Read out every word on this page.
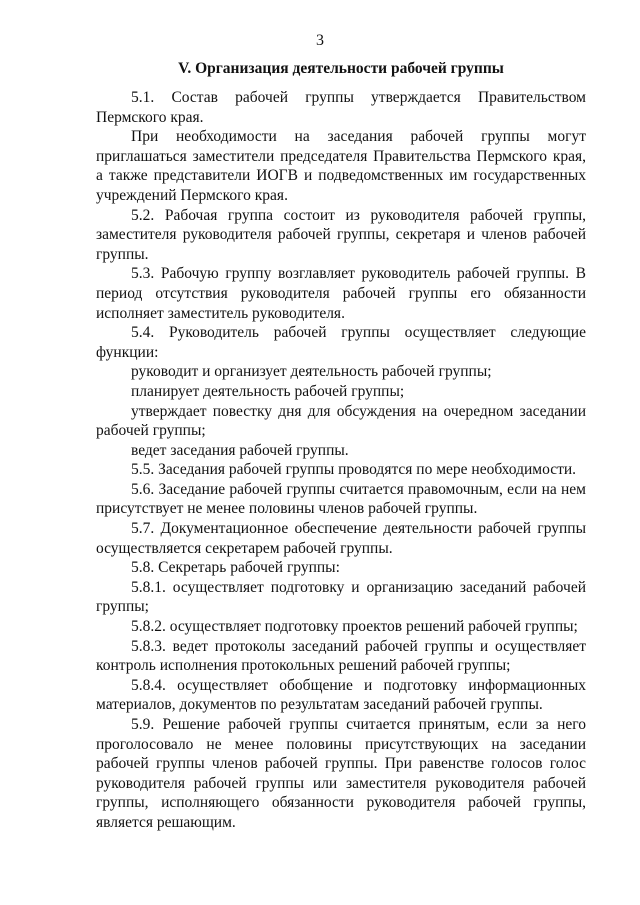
3
V. Организация деятельности рабочей группы

5.1. Состав рабочей группы утверждается Правительством Пермского края.

При необходимости на заседания рабочей группы могут приглашаться заместители председателя Правительства Пермского края, а также представители ИОГВ и подведомственных им государственных учреждений Пермского края.

5.2. Рабочая группа состоит из руководителя рабочей группы, заместителя руководителя рабочей группы, секретаря и членов рабочей группы.

5.3. Рабочую группу возглавляет руководитель рабочей группы. В период отсутствия руководителя рабочей группы его обязанности исполняет заместитель руководителя.

5.4. Руководитель рабочей группы осуществляет следующие функции:

руководит и организует деятельность рабочей группы;

планирует деятельность рабочей группы;

утверждает повестку дня для обсуждения на очередном заседании рабочей группы;

ведет заседания рабочей группы.

5.5. Заседания рабочей группы проводятся по мере необходимости.

5.6. Заседание рабочей группы считается правомочным, если на нем присутствует не менее половины членов рабочей группы.

5.7. Документационное обеспечение деятельности рабочей группы осуществляется секретарем рабочей группы.

5.8. Секретарь рабочей группы:

5.8.1. осуществляет подготовку и организацию заседаний рабочей группы;

5.8.2. осуществляет подготовку проектов решений рабочей группы;

5.8.3. ведет протоколы заседаний рабочей группы и осуществляет контроль исполнения протокольных решений рабочей группы;

5.8.4. осуществляет обобщение и подготовку информационных материалов, документов по результатам заседаний рабочей группы.

5.9. Решение рабочей группы считается принятым, если за него проголосовало не менее половины присутствующих на заседании рабочей группы членов рабочей группы. При равенстве голосов голос руководителя рабочей группы или заместителя руководителя рабочей группы, исполняющего обязанности руководителя рабочей группы, является решающим.
